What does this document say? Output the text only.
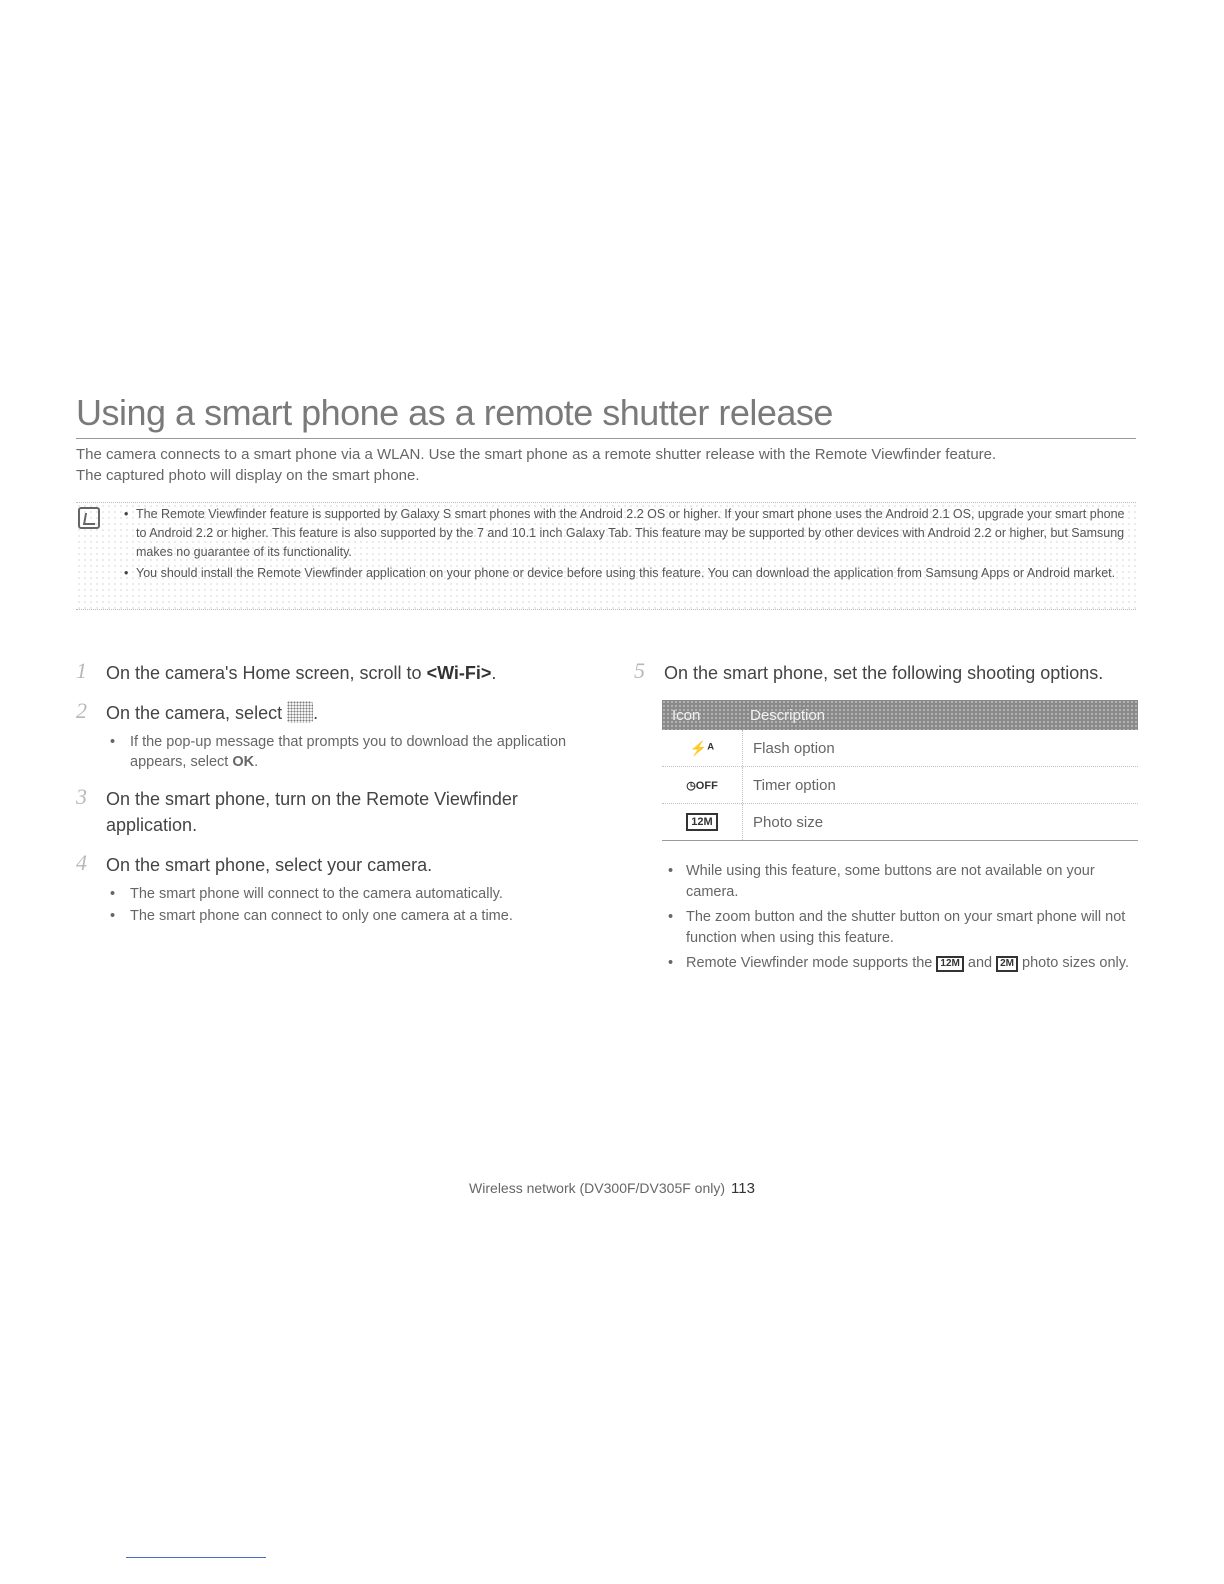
Using a smart phone as a remote shutter release
The camera connects to a smart phone via a WLAN. Use the smart phone as a remote shutter release with the Remote Viewfinder feature.
The captured photo will display on the smart phone.
• The Remote Viewfinder feature is supported by Galaxy S smart phones with the Android 2.2 OS or higher. If your smart phone uses the Android 2.1 OS, upgrade your smart phone to Android 2.2 or higher. This feature is also supported by the 7 and 10.1 inch Galaxy Tab. This feature may be supported by other devices with Android 2.2 or higher, but Samsung makes no guarantee of its functionality.
• You should install the Remote Viewfinder application on your phone or device before using this feature. You can download the application from Samsung Apps or Android market.
1 On the camera's Home screen, scroll to <Wi-Fi>.
2 On the camera, select .
• If the pop-up message that prompts you to download the application appears, select OK.
3 On the smart phone, turn on the Remote Viewfinder application.
4 On the smart phone, select your camera.
• The smart phone will connect to the camera automatically.
• The smart phone can connect to only one camera at a time.
5 On the smart phone, set the following shooting options.
Icon	Description
⚡ᴬ	Flash option
◷OFF	Timer option
12M	Photo size
• While using this feature, some buttons are not available on your camera.
• The zoom button and the shutter button on your smart phone will not function when using this feature.
• Remote Viewfinder mode supports the 12M and 2M photo sizes only.
Wireless network (DV300F/DV305F only) 113
